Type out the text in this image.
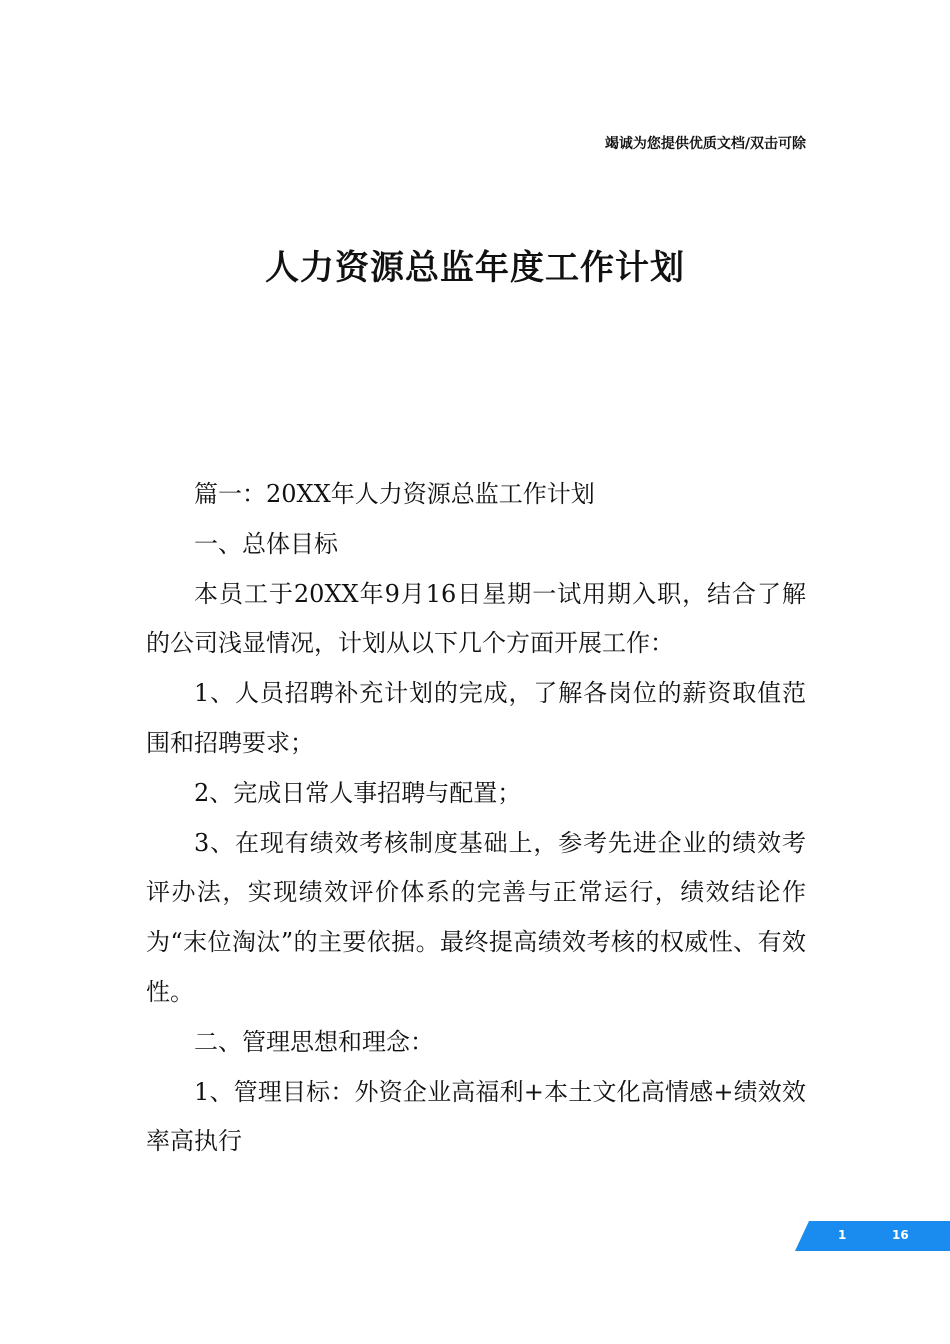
竭诚为您提供优质文档/双击可除
人力资源总监年度工作计划

篇一：20XX年人力资源总监工作计划

一、总体目标

本员工于20XX年9月16日星期一试用期入职，结合了解的公司浅显情况，计划从以下几个方面开展工作：

1、人员招聘补充计划的完成，了解各岗位的薪资取值范围和招聘要求；

2、完成日常人事招聘与配置；

3、在现有绩效考核制度基础上，参考先进企业的绩效考评办法，实现绩效评价体系的完善与正常运行，绩效结论作为“末位淘汰”的主要依据。最终提高绩效考核的权威性、有效性。

二、管理思想和理念：

1、管理目标：外资企业高福利+本土文化高情感+绩效效率高执行

1	16
